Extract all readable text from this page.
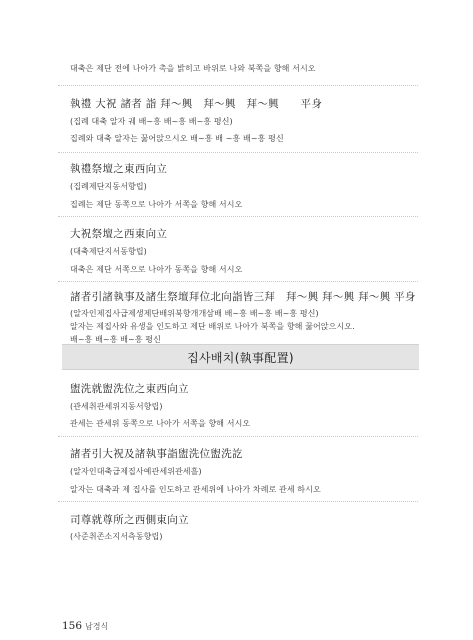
대축은 제단 전에 나아가 촉을 밝히고 바위로 나와 북쪽을 향해 서시오
執禮 大祝 諸者 詣 拜～興　拜～興　拜～興　　平身
(집례 대축 알자 궤 배~흥 배~흥 배~흥 평신)
집례와 대축 알자는 꿇어앉으시오 배~흥 배 ~흥 배~흥 평신
執禮祭壇之東西向立
(집례제단지동서향립)
집례는 제단 동쪽으로 나아가 서쪽을 향해 서시오
大祝祭壇之西東向立
(대축제단지서동향립)
대축은 제단 서쪽으로 나아가 동쪽을 향해 서시오
諸者引諸執事及諸生祭壇拜位北向詣皆三拜　拜～興 拜～興 拜～興 平身
(알자인제집사급제생제단배위북향개개삼배 배~흥 배~흥 배~흥 평신)
알자는 제집사와 유생을 인도하고 제단 배위로 나아가 북쪽을 향해 꿇어앉으시오.
집사배치(執事配置)
盥洗就盥洗位之東西向立
(관세취관세위지동서향립)
관세는 관세위 동쪽으로 나아가 서쪽을 향해 서시오
諸者引大祝及諸執事詣盥洗位盥洗訖
(알자인대축급제집사예관세위관세흘)
알자는 대축과 제 집사를 인도하고 관세위에 나아가 차례로 관세 하시오
司尊就尊所之西側東向立
(사준취존소지서측동향립)
156 남경식
배~흥 배~흥 배~흥 평신
